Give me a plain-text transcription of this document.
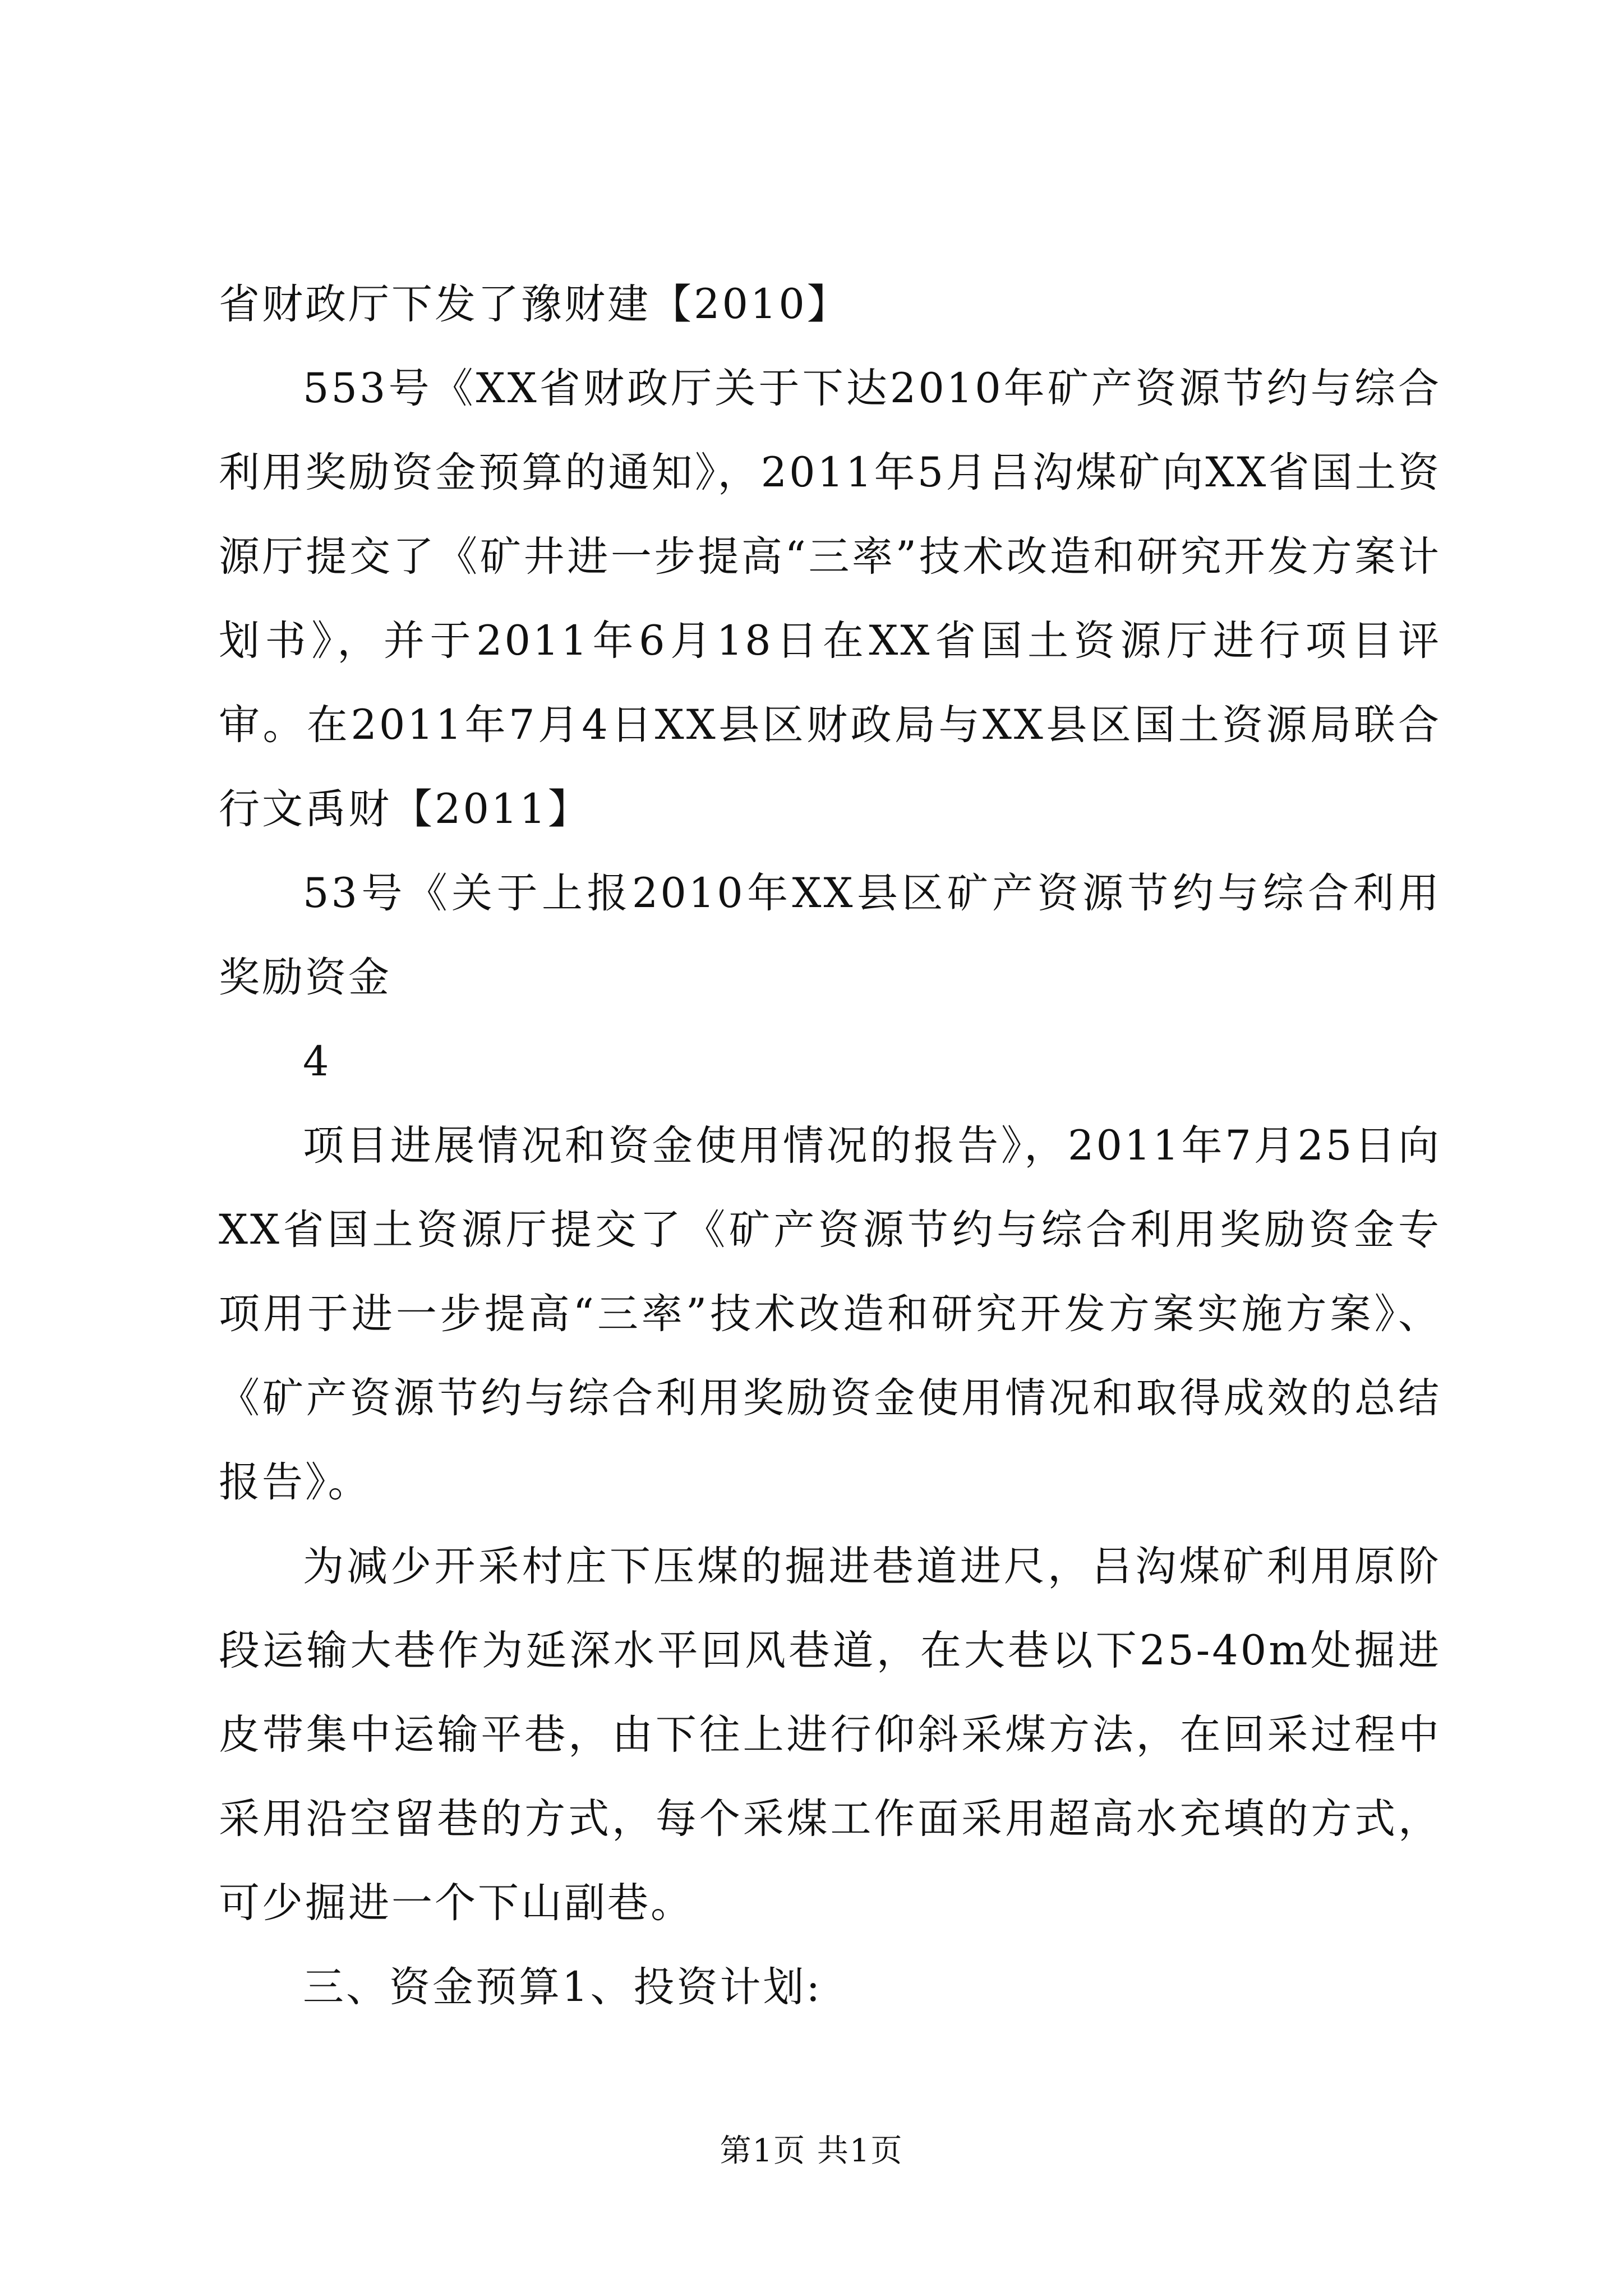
省财政厅下发了豫财建【2010】

553号《XX省财政厅关于下达2010年矿产资源节约与综合利用奖励资金预算的通知》，2011年5月吕沟煤矿向XX省国土资源厅提交了《矿井进一步提高“三率”技术改造和研究开发方案计划书》，并于2011年6月18日在XX省国土资源厅进行项目评审。在2011年7月4日XX县区财政局与XX县区国土资源局联合行文禹财【2011】

53号《关于上报2010年XX县区矿产资源节约与综合利用奖励资金

4

项目进展情况和资金使用情况的报告》，2011年7月25日向XX省国土资源厅提交了《矿产资源节约与综合利用奖励资金专项用于进一步提高“三率”技术改造和研究开发方案实施方案》、《矿产资源节约与综合利用奖励资金使用情况和取得成效的总结报告》。

为减少开采村庄下压煤的掘进巷道进尺，吕沟煤矿利用原阶段运输大巷作为延深水平回风巷道，在大巷以下25-40m处掘进皮带集中运输平巷，由下往上进行仰斜采煤方法，在回采过程中采用沿空留巷的方式，每个采煤工作面采用超高水充填的方式，可少掘进一个下山副巷。

三、资金预算1、投资计划:

第1页 共1页
